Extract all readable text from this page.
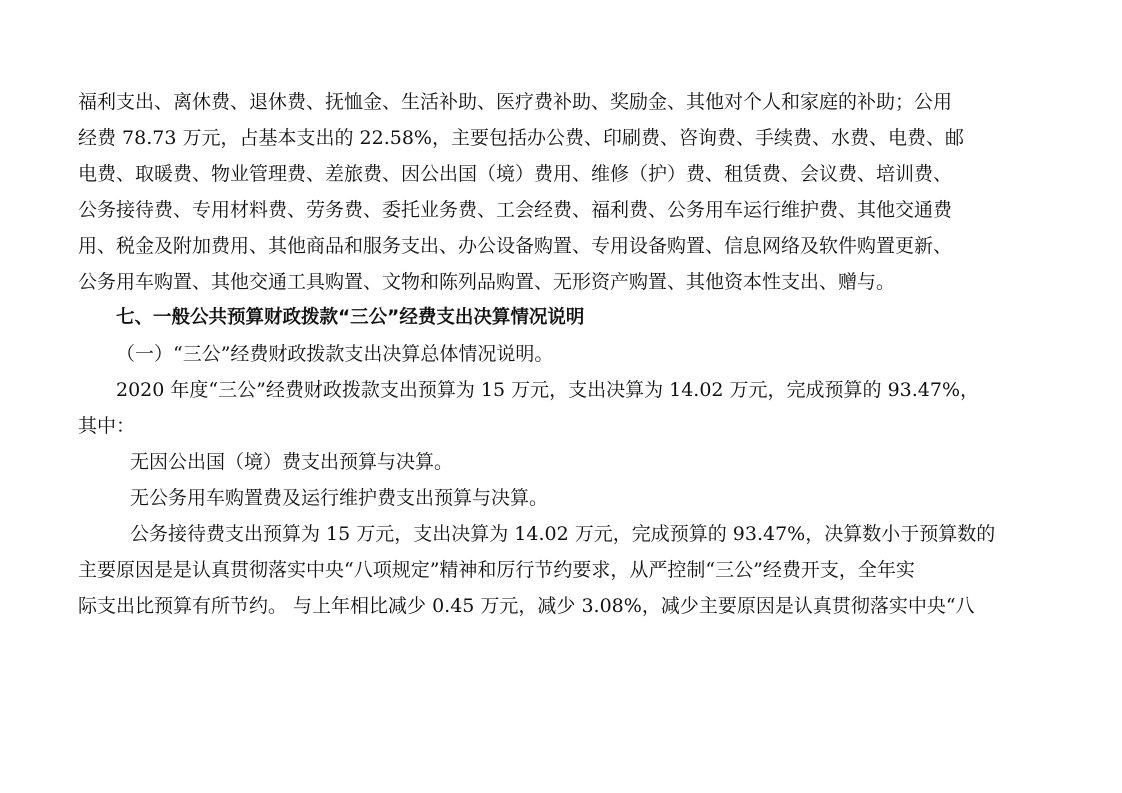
福利支出、离休费、退休费、抚恤金、生活补助、医疗费补助、奖励金、其他对个人和家庭的补助；公用

经费 78.73 万元，占基本支出的 22.58%，主要包括办公费、印刷费、咨询费、手续费、水费、电费、邮

电费、取暖费、物业管理费、差旅费、因公出国（境）费用、维修（护）费、租赁费、会议费、培训费、

公务接待费、专用材料费、劳务费、委托业务费、工会经费、福利费、公务用车运行维护费、其他交通费

用、税金及附加费用、其他商品和服务支出、办公设备购置、专用设备购置、信息网络及软件购置更新、

公务用车购置、其他交通工具购置、文物和陈列品购置、无形资产购置、其他资本性支出、赠与。

七、一般公共预算财政拨款“三公”经费支出决算情况说明

（一）“三公”经费财政拨款支出决算总体情况说明。

2020 年度“三公”经费财政拨款支出预算为 15 万元，支出决算为 14.02 万元，完成预算的 93.47%，

其中：

无因公出国（境）费支出预算与决算。

无公务用车购置费及运行维护费支出预算与决算。

公务接待费支出预算为 15 万元，支出决算为 14.02 万元，完成预算的 93.47%，决算数小于预算数的

主要原因是是认真贯彻落实中央“八项规定”精神和厉行节约要求，从严控制“三公”经费开支，全年实

际支出比预算有所节约。 与上年相比减少 0.45 万元，减少 3.08%，减少主要原因是认真贯彻落实中央“八
